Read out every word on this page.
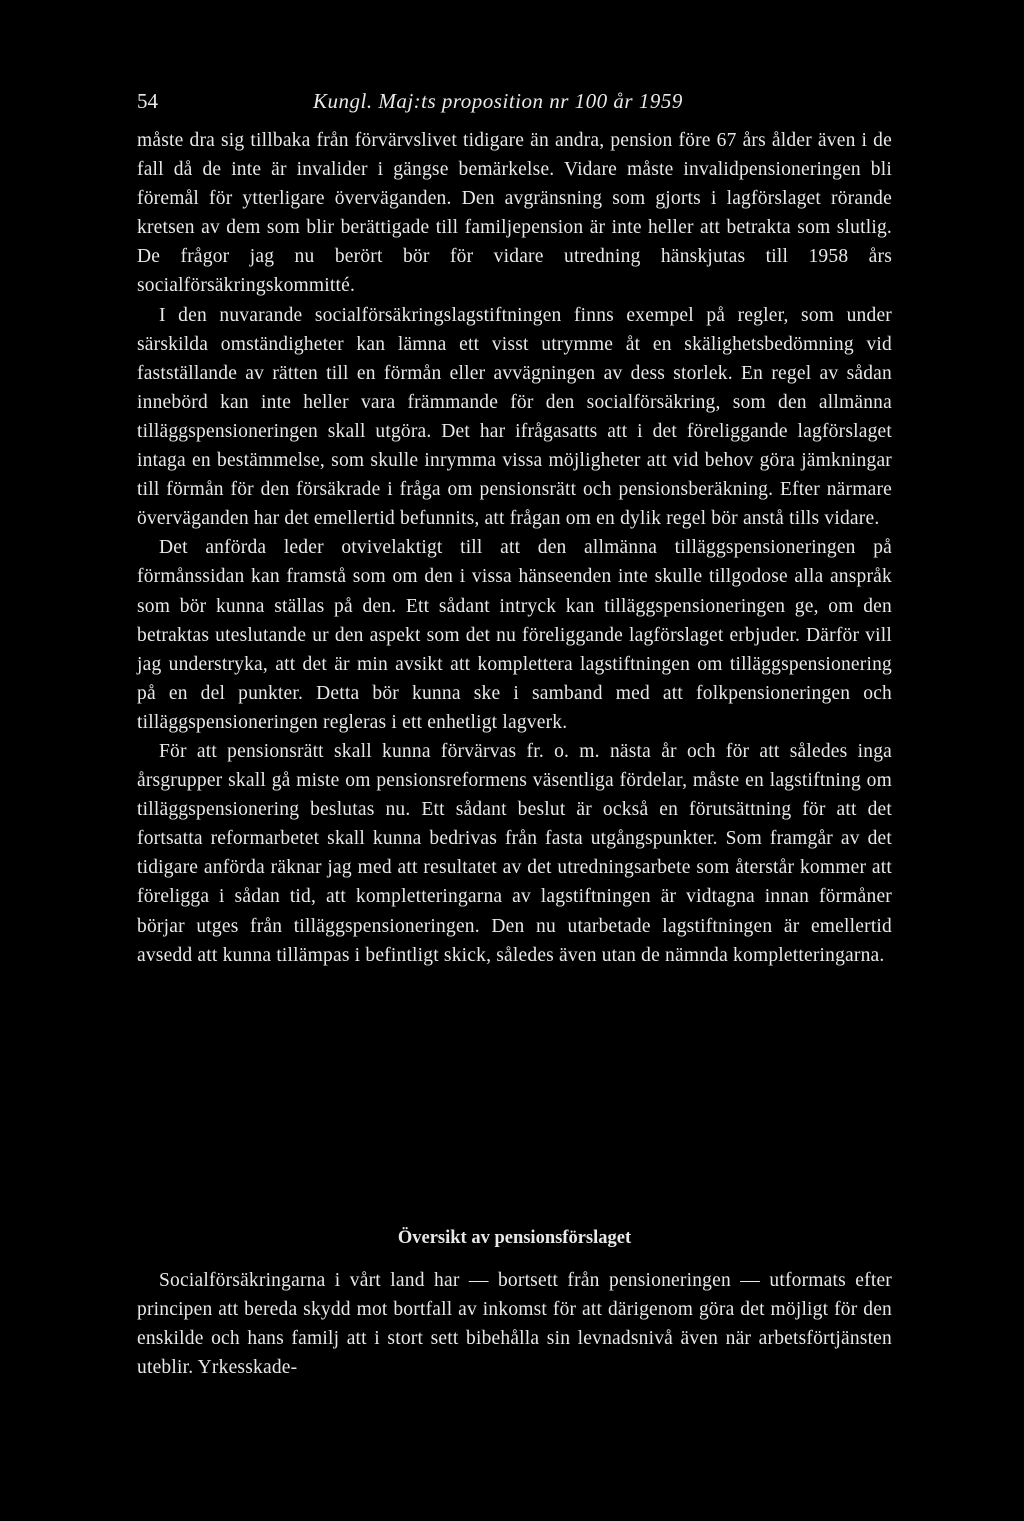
54	Kungl. Maj:ts proposition nr 100 år 1959

måste dra sig tillbaka från förvärvslivet tidigare än andra, pension före 67 års ålder även i de fall då de inte är invalider i gängse bemärkelse. Vidare måste invalidpensioneringen bli föremål för ytterligare överväganden. Den avgränsning som gjorts i lagförslaget rörande kretsen av dem som blir berättigade till familjepension är inte heller att betrakta som slutlig. De frågor jag nu berört bör för vidare utredning hänskjutas till 1958 års socialförsäkringskommitté.

I den nuvarande socialförsäkringslagstiftningen finns exempel på regler, som under särskilda omständigheter kan lämna ett visst utrymme åt en skälighetsbedömning vid fastställande av rätten till en förmån eller avvägningen av dess storlek. En regel av sådan innebörd kan inte heller vara främmande för den socialförsäkring, som den allmänna tilläggspensioneringen skall utgöra. Det har ifrågasatts att i det föreliggande lagförslaget intaga en bestämmelse, som skulle inrymma vissa möjligheter att vid behov göra jämkningar till förmån för den försäkrade i fråga om pensionsrätt och pensionsberäkning. Efter närmare överväganden har det emellertid befunnits, att frågan om en dylik regel bör anstå tills vidare.

Det anförda leder otvivelaktigt till att den allmänna tilläggspensioneringen på förmånssidan kan framstå som om den i vissa hänseenden inte skulle tillgodose alla anspråk som bör kunna ställas på den. Ett sådant intryck kan tilläggspensioneringen ge, om den betraktas uteslutande ur den aspekt som det nu föreliggande lagförslaget erbjuder. Därför vill jag understryka, att det är min avsikt att komplettera lagstiftningen om tilläggspensionering på en del punkter. Detta bör kunna ske i samband med att folkpensioneringen och tilläggspensioneringen regleras i ett enhetligt lagverk.

För att pensionsrätt skall kunna förvärvas fr. o. m. nästa år och för att således inga årsgrupper skall gå miste om pensionsreformens väsentliga fördelar, måste en lagstiftning om tilläggspensionering beslutas nu. Ett sådant beslut är också en förutsättning för att det fortsatta reformarbetet skall kunna bedrivas från fasta utgångspunkter. Som framgår av det tidigare anförda räknar jag med att resultatet av det utredningsarbete som återstår kommer att föreligga i sådan tid, att kompletteringarna av lagstiftningen är vidtagna innan förmåner börjar utges från tilläggspensioneringen. Den nu utarbetade lagstiftningen är emellertid avsedd att kunna tillämpas i befintligt skick, således även utan de nämnda kompletteringarna.

Översikt av pensionsförslaget

Socialförsäkringarna i vårt land har — bortsett från pensioneringen — utformats efter principen att bereda skydd mot bortfall av inkomst för att därigenom göra det möjligt för den enskilde och hans familj att i stort sett bibehålla sin levnadsnivå även när arbetsförtjänsten uteblir. Yrkesskade-
